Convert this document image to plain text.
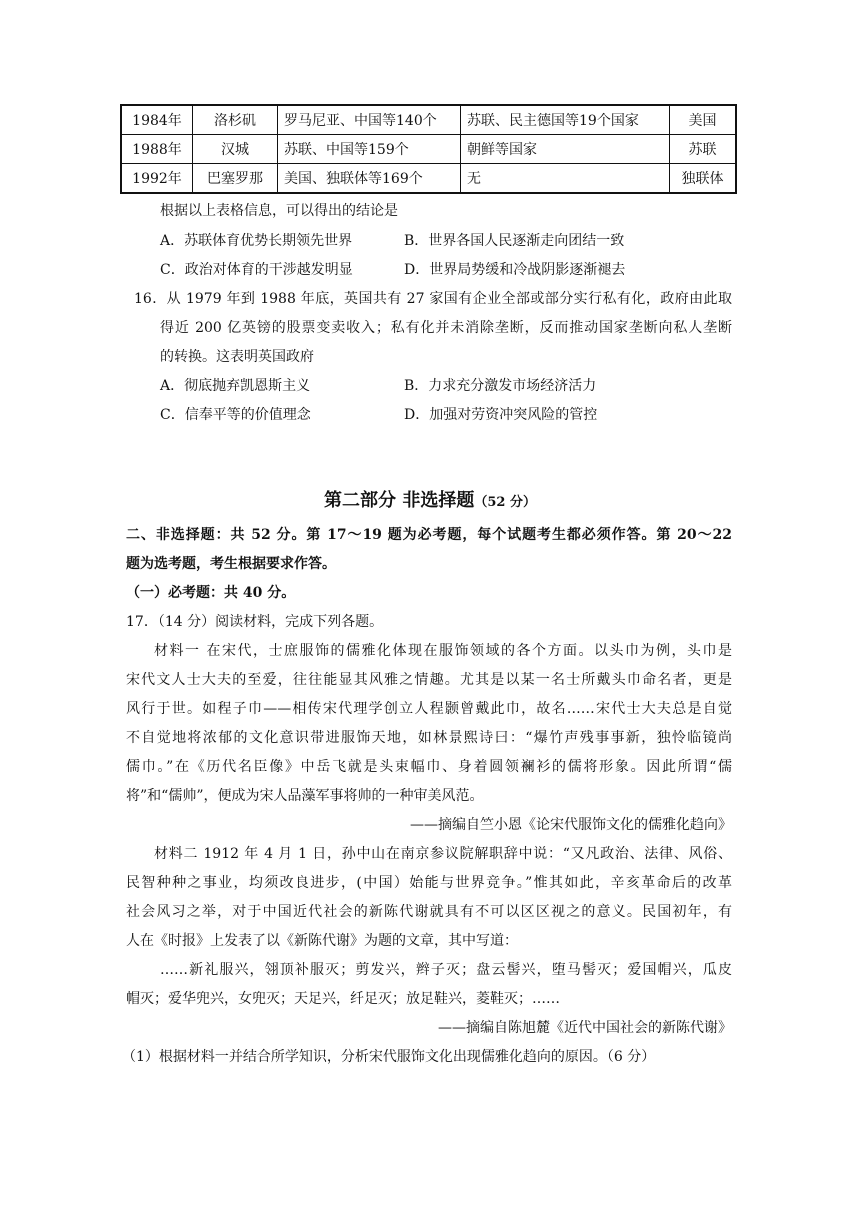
1984年	洛杉矶	罗马尼亚、中国等140个	苏联、民主德国等19个国家	美国
1988年	汉城	苏联、中国等159个	朝鲜等国家	苏联
1992年	巴塞罗那	美国、独联体等169个	无	独联体
根据以上表格信息，可以得出的结论是
A．苏联体育优势长期领先世界	B．世界各国人民逐渐走向团结一致
C．政治对体育的干涉越发明显	D．世界局势缓和冷战阴影逐渐褪去
16．从 1979 年到 1988 年底，英国共有 27 家国有企业全部或部分实行私有化，政府由此取
得近 200 亿英镑的股票变卖收入；私有化并未消除垄断，反而推动国家垄断向私人垄断
的转换。这表明英国政府
A．彻底抛弃凯恩斯主义	B．力求充分激发市场经济活力
C．信奉平等的价值理念	D．加强对劳资冲突风险的管控
第二部分 非选择题（52 分）
二、非选择题：共 52 分。第 17～19 题为必考题，每个试题考生都必须作答。第 20～22
题为选考题，考生根据要求作答。
（一）必考题：共 40 分。
17．（14 分）阅读材料，完成下列各题。
材料一 在宋代，士庶服饰的儒雅化体现在服饰领域的各个方面。以头巾为例，头巾是
宋代文人士大夫的至爱，往往能显其风雅之情趣。尤其是以某一名士所戴头巾命名者，更是
风行于世。如程子巾——相传宋代理学创立人程颢曾戴此巾，故名……宋代士大夫总是自觉
不自觉地将浓郁的文化意识带进服饰天地，如林景熙诗曰：“爆竹声残事事新，独怜临镜尚
儒巾。”在《历代名臣像》中岳飞就是头束幅巾、身着圆领襕衫的儒将形象。因此所谓“儒
将”和“儒帅”，便成为宋人品藻军事将帅的一种审美风范。
——摘编自竺小恩《论宋代服饰文化的儒雅化趋向》
材料二 1912 年 4 月 1 日，孙中山在南京参议院解职辞中说：“又凡政治、法律、风俗、
民智种种之事业，均须改良进步，(中国）始能与世界竞争。”惟其如此，辛亥革命后的改革
社会风习之举，对于中国近代社会的新陈代谢就具有不可以区区视之的意义。民国初年，有
人在《时报》上发表了以《新陈代谢》为题的文章，其中写道：
……新礼服兴，翎顶补服灭；剪发兴，辫子灭；盘云髻兴，堕马髻灭；爱国帽兴，瓜皮
帽灭；爱华兜兴，女兜灭；天足兴，纤足灭；放足鞋兴，菱鞋灭；……
——摘编自陈旭麓《近代中国社会的新陈代谢》
（1）根据材料一并结合所学知识，分析宋代服饰文化出现儒雅化趋向的原因。（6 分）
